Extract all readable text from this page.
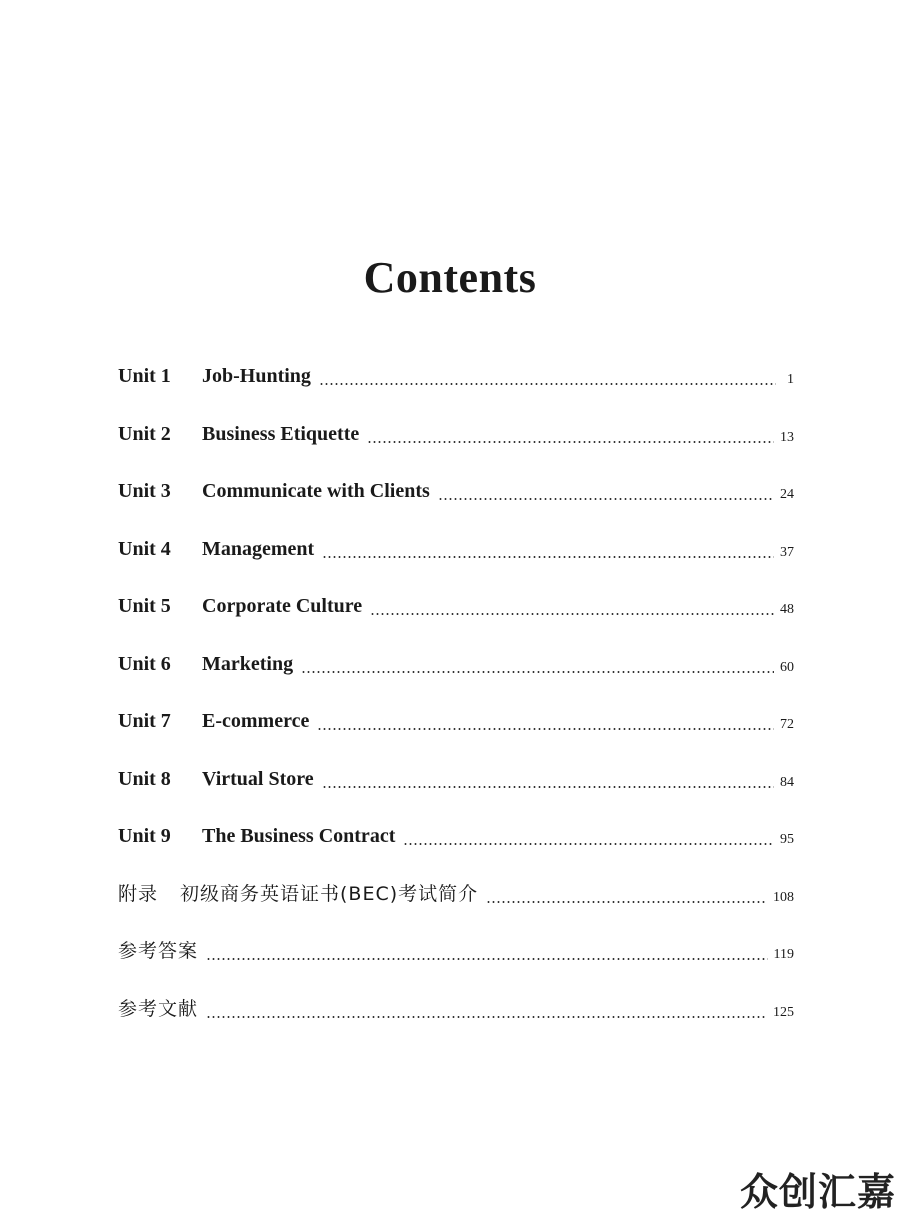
Contents
Unit 1	Job-Hunting	1
Unit 2	Business Etiquette	13
Unit 3	Communicate with Clients	24
Unit 4	Management	37
Unit 5	Corporate Culture	48
Unit 6	Marketing	60
Unit 7	E-commerce	72
Unit 8	Virtual Store	84
Unit 9	The Business Contract	95
附录 初级商务英语证书(BEC)考试简介	108
参考答案	119
参考文献	125
众创汇嘉
